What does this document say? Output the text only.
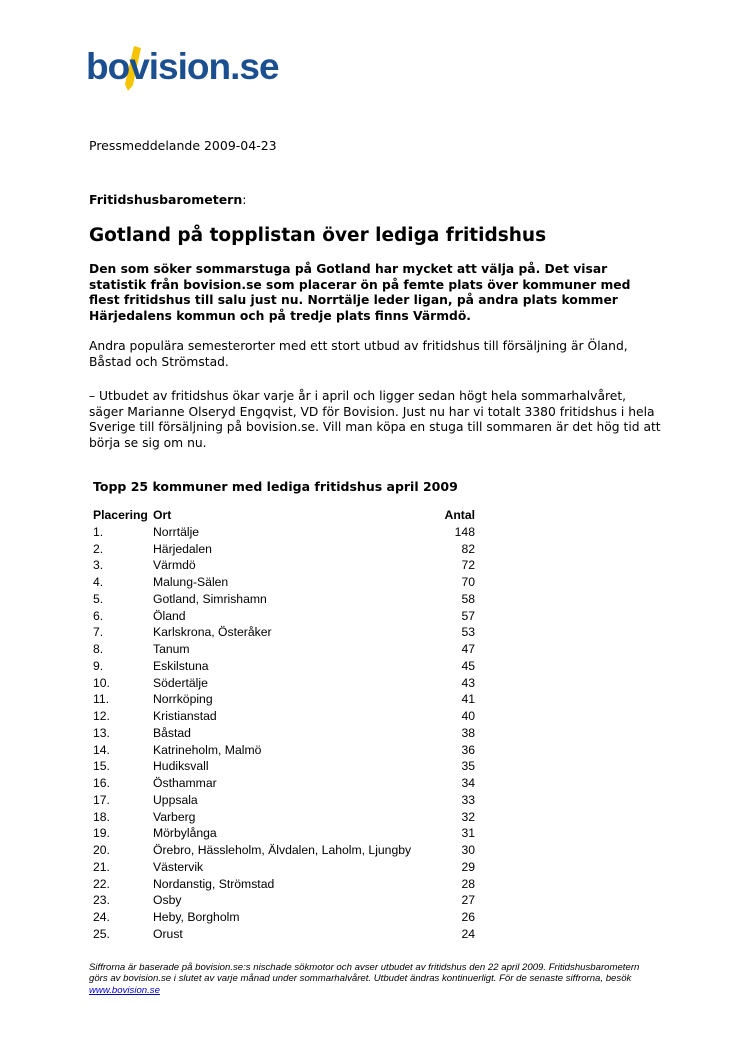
bovision.se
Pressmeddelande 2009-04-23
Fritidshusbarometern:
Gotland på topplistan över lediga fritidshus

Den som söker sommarstuga på Gotland har mycket att välja på. Det visar statistik från bovision.se som placerar ön på femte plats över kommuner med flest fritidshus till salu just nu. Norrtälje leder ligan, på andra plats kommer Härjedalens kommun och på tredje plats finns Värmdö.

Andra populära semesterorter med ett stort utbud av fritidshus till försäljning är Öland, Båstad och Strömstad.

– Utbudet av fritidshus ökar varje år i april och ligger sedan högt hela sommarhalvåret, säger Marianne Olseryd Engqvist, VD för Bovision. Just nu har vi totalt 3380 fritidshus i hela Sverige till försäljning på bovision.se. Vill man köpa en stuga till sommaren är det hög tid att börja se sig om nu.

Topp 25 kommuner med lediga fritidshus april 2009
Placering Ort	Antal
1.	Norrtälje	148
2.	Härjedalen	82
3.	Värmdö	72
4.	Malung-Sälen	70
5.	Gotland, Simrishamn	58
6.	Öland	57
7.	Karlskrona, Österåker	53
8.	Tanum	47
9.	Eskilstuna	45
10.	Södertälje	43
11.	Norrköping	41
12.	Kristianstad	40
13.	Båstad	38
14.	Katrineholm, Malmö	36
15.	Hudiksvall	35
16.	Östhammar	34
17.	Uppsala	33
18.	Varberg	32
19.	Mörbylånga	31
20.	Örebro, Hässleholm, Älvdalen, Laholm, Ljungby	30
21.	Västervik	29
22.	Nordanstig, Strömstad	28
23.	Osby	27
24.	Heby, Borgholm	26
25.	Orust	24

Siffrorna är baserade på bovision.se:s nischade sökmotor och avser utbudet av fritidshus den 22 april 2009. Fritidshusbarometern görs av bovision.se i slutet av varje månad under sommarhalvåret. Utbudet ändras kontinuerligt. För de senaste siffrorna, besök www.bovision.se
